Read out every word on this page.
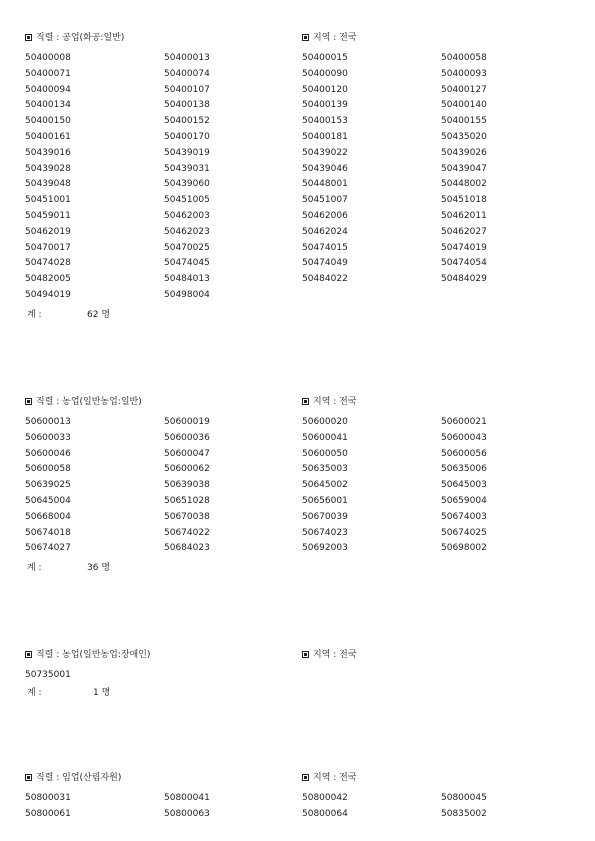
직렬 : 공업(화공:일반)	지역 : 전국
50400008	50400013	50400015	50400058
50400071	50400074	50400090	50400093
50400094	50400107	50400120	50400127
50400134	50400138	50400139	50400140
50400150	50400152	50400153	50400155
50400161	50400170	50400181	50435020
50439016	50439019	50439022	50439026
50439028	50439031	50439046	50439047
50439048	50439060	50448001	50448002
50451001	50451005	50451007	50451018
50459011	50462003	50462006	50462011
50462019	50462023	50462024	50462027
50470017	50470025	50474015	50474019
50474028	50474045	50474049	50474054
50482005	50484013	50484022	50484029
50494019	50498004
계 :	62 명
직렬 : 농업(일반농업:일반)	지역 : 전국
50600013	50600019	50600020	50600021
50600033	50600036	50600041	50600043
50600046	50600047	50600050	50600056
50600058	50600062	50635003	50635006
50639025	50639038	50645002	50645003
50645004	50651028	50656001	50659004
50668004	50670038	50670039	50674003
50674018	50674022	50674023	50674025
50674027	50684023	50692003	50698002
계 :	36 명
직렬 : 농업(일반농업:장애인)	지역 : 전국
50735001
계 :	1 명
직렬 : 임업(산림자원)	지역 : 전국
50800031	50800041	50800042	50800045
50800061	50800063	50800064	50835002
